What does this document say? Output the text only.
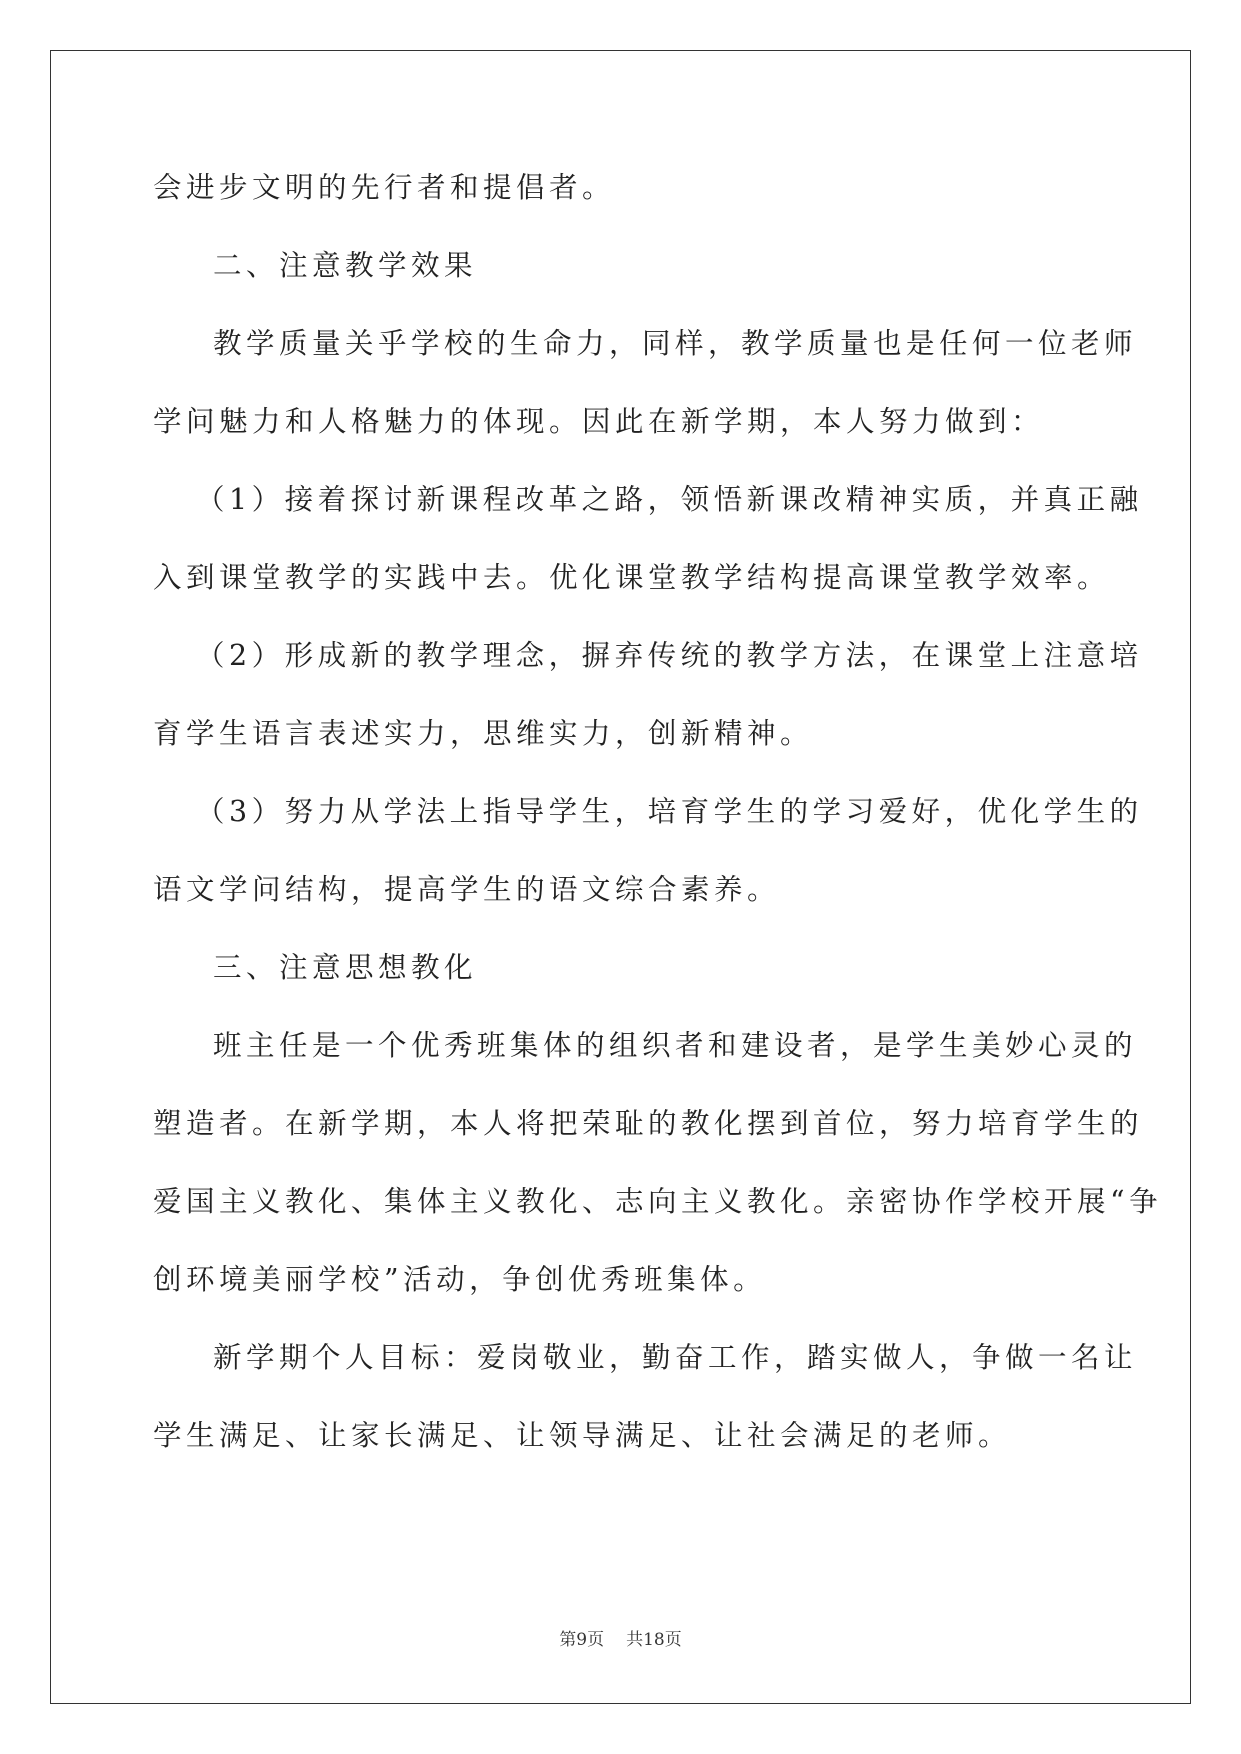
会进步文明的先行者和提倡者。
二、注意教学效果
教学质量关乎学校的生命力，同样，教学质量也是任何一位老师
学问魅力和人格魅力的体现。因此在新学期，本人努力做到：
（1）接着探讨新课程改革之路，领悟新课改精神实质，并真正融
入到课堂教学的实践中去。优化课堂教学结构提高课堂教学效率。
（2）形成新的教学理念，摒弃传统的教学方法，在课堂上注意培
育学生语言表述实力，思维实力，创新精神。
（3）努力从学法上指导学生，培育学生的学习爱好，优化学生的
语文学问结构，提高学生的语文综合素养。
三、注意思想教化
班主任是一个优秀班集体的组织者和建设者，是学生美妙心灵的
塑造者。在新学期，本人将把荣耻的教化摆到首位，努力培育学生的
爱国主义教化、集体主义教化、志向主义教化。亲密协作学校开展“争
创环境美丽学校”活动，争创优秀班集体。
新学期个人目标：爱岗敬业，勤奋工作，踏实做人，争做一名让
学生满足、让家长满足、让领导满足、让社会满足的老师。
第9页 共18页
